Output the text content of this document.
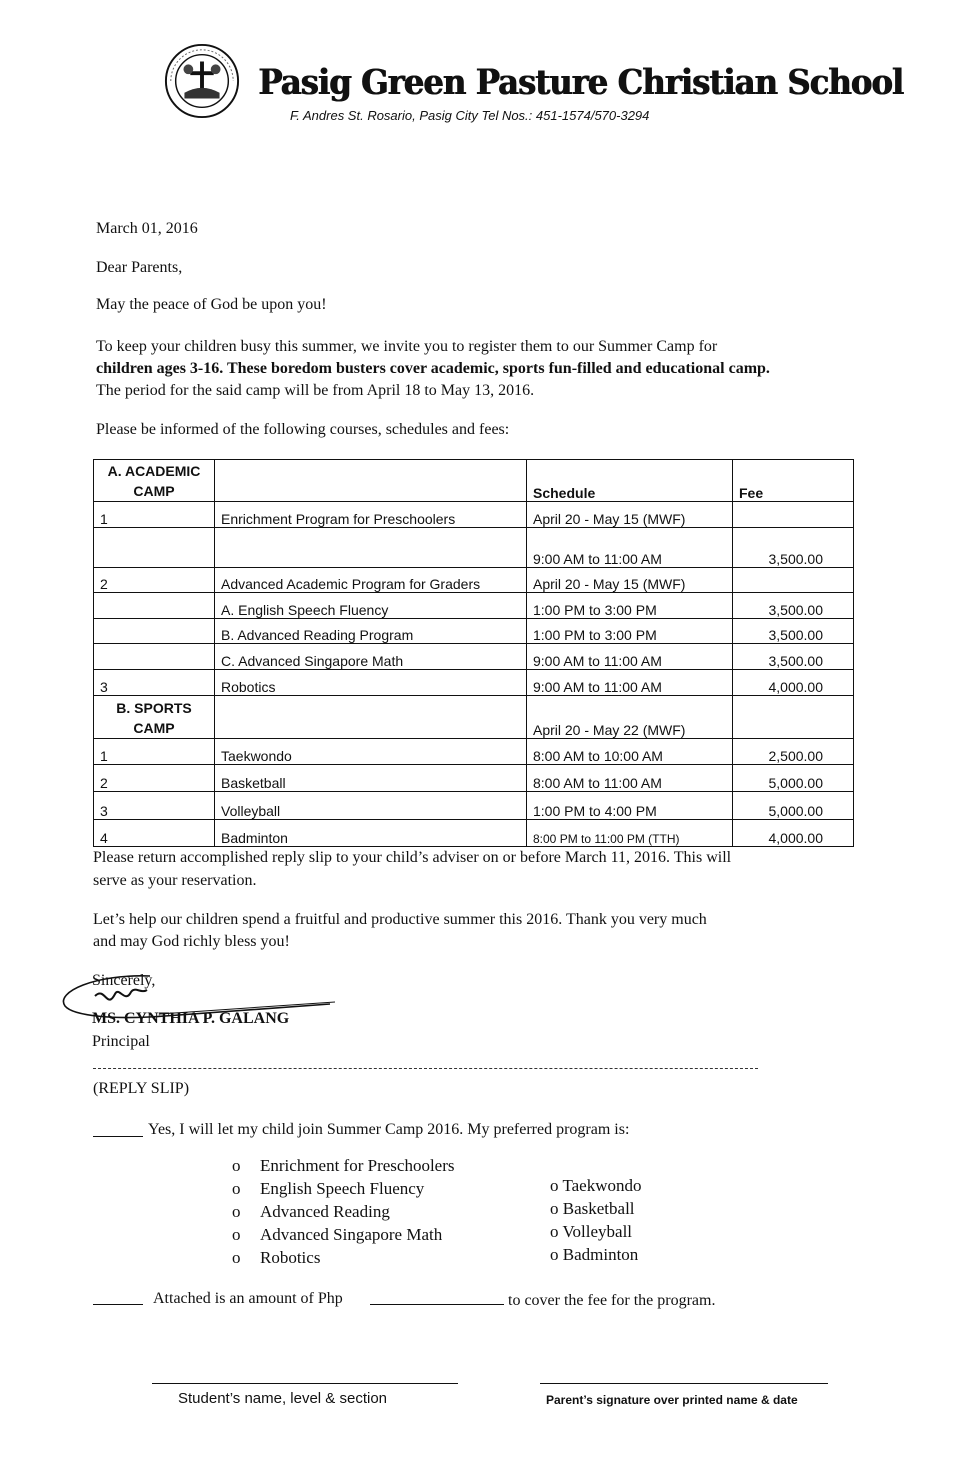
Pasig Green Pasture Christian School
F. Andres St. Rosario, Pasig City Tel Nos.: 451-1574/570-3294
March 01, 2016
Dear Parents,
May the peace of God be upon you!
To keep your children busy this summer, we invite you to register them to our Summer Camp for
children ages 3-16. These boredom busters cover academic, sports fun-filled and educational camp.
The period for the said camp will be from April 18 to May 13, 2016.
Please be informed of the following courses, schedules and fees:
A. ACADEMIC CAMP		Schedule	Fee
1	Enrichment Program for Preschoolers	April 20 - May 15 (MWF)	
		9:00 AM to 11:00 AM	3,500.00
2	Advanced Academic Program for Graders	April 20 - May 15 (MWF)	
	A. English Speech Fluency	1:00 PM to 3:00 PM	3,500.00
	B. Advanced Reading Program	1:00 PM to 3:00 PM	3,500.00
	C. Advanced Singapore Math	9:00 AM to 11:00 AM	3,500.00
3	Robotics	9:00 AM to 11:00 AM	4,000.00
B. SPORTS CAMP		April 20 - May 22 (MWF)	
1	Taekwondo	8:00 AM to 10:00 AM	2,500.00
2	Basketball	8:00 AM to 11:00 AM	5,000.00
3	Volleyball	1:00 PM to 4:00 PM	5,000.00
4	Badminton	8:00 PM to 11:00 PM (TTH)	4,000.00
Please return accomplished reply slip to your child’s adviser on or before March 11, 2016. This will
serve as your reservation.
Let’s help our children spend a fruitful and productive summer this 2016. Thank you very much
and may God richly bless you!
Sincerely,
MS. CYNTHIA P. GALANG
Principal
(REPLY SLIP)
Yes, I will let my child join Summer Camp 2016. My preferred program is:
o Enrichment for Preschoolers
o English Speech Fluency
o Advanced Reading
o Advanced Singapore Math
o Robotics
o Taekwondo
o Basketball
o Volleyball
o Badminton
Attached is an amount of Php	to cover the fee for the program.
Student’s name, level & section	Parent’s signature over printed name & date
